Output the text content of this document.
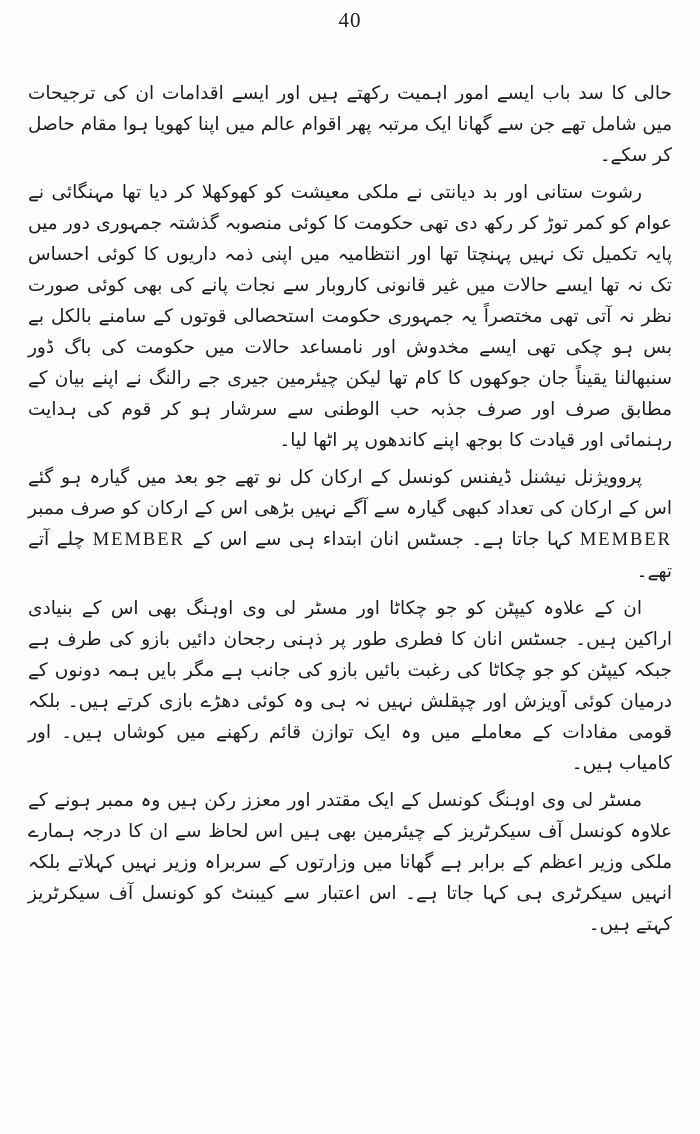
40

حالی کا سد باب ایسے امور اہمیت رکھتے ہیں اور ایسے اقدامات ان کی ترجیحات میں شامل تھے جن سے گھانا ایک مرتبہ پھر اقوام عالم میں اپنا کھویا ہوا مقام حاصل کر سکے۔

رشوت ستانی اور بد دیانتی نے ملکی معیشت کو کھوکھلا کر دیا تھا مہنگائی نے عوام کو کمر توڑ کر رکھ دی تھی حکومت کا کوئی منصوبہ گذشتہ جمہوری دور میں پایہ تکمیل تک نہیں پہنچتا تھا اور انتظامیہ میں اپنی ذمہ داریوں کا کوئی احساس تک نہ تھا ایسے حالات میں غیر قانونی کاروبار سے نجات پانے کی بھی کوئی صورت نظر نہ آتی تھی مختصراً یہ جمہوری حکومت استحصالی قوتوں کے سامنے بالکل بے بس ہو چکی تھی ایسے مخدوش اور نامساعد حالات میں حکومت کی باگ ڈور سنبھالنا یقیناً جان جوکھوں کا کام تھا لیکن چیئرمین جیری جے رالنگ نے اپنے بیان کے مطابق صرف اور صرف جذبہ حب الوطنی سے سرشار ہو کر قوم کی ہدایت رہنمائی اور قیادت کا بوجھ اپنے کاندھوں پر اٹھا لیا۔

پروویژنل نیشنل ڈیفنس کونسل کے ارکان کل نو تھے جو بعد میں گیارہ ہو گئے اس کے ارکان کی تعداد کبھی گیارہ سے آگے نہیں بڑھی اس کے ارکان کو صرف ممبر MEMBER کہا جاتا ہے۔ جسٹس انان ابتداء ہی سے اس کے MEMBER چلے آتے تھے۔

ان کے علاوہ کیپٹن کو جو چکاٹا اور مسٹر لی وی اوہنگ بھی اس کے بنیادی اراکین ہیں۔ جسٹس انان کا فطری طور پر ذہنی رجحان دائیں بازو کی طرف ہے جبکہ کیپٹن کو جو چکاٹا کی رغبت بائیں بازو کی جانب ہے مگر بایں ہمہ دونوں کے درمیان کوئی آویزش اور چپقلش نہیں نہ ہی وہ کوئی دھڑے بازی کرتے ہیں۔ بلکہ قومی مفادات کے معاملے میں وہ ایک توازن قائم رکھنے میں کوشاں ہیں۔ اور کامیاب ہیں۔

مسٹر لی وی اوہنگ کونسل کے ایک مقتدر اور معزز رکن ہیں وہ ممبر ہونے کے علاوہ کونسل آف سیکرٹریز کے چیئرمین بھی ہیں اس لحاظ سے ان کا درجہ ہمارے ملکی وزیر اعظم کے برابر ہے گھانا میں وزارتوں کے سربراہ وزیر نہیں کہلاتے بلکہ انہیں سیکرٹری ہی کہا جاتا ہے۔ اس اعتبار سے کیبنٹ کو کونسل آف سیکرٹریز کہتے ہیں۔
